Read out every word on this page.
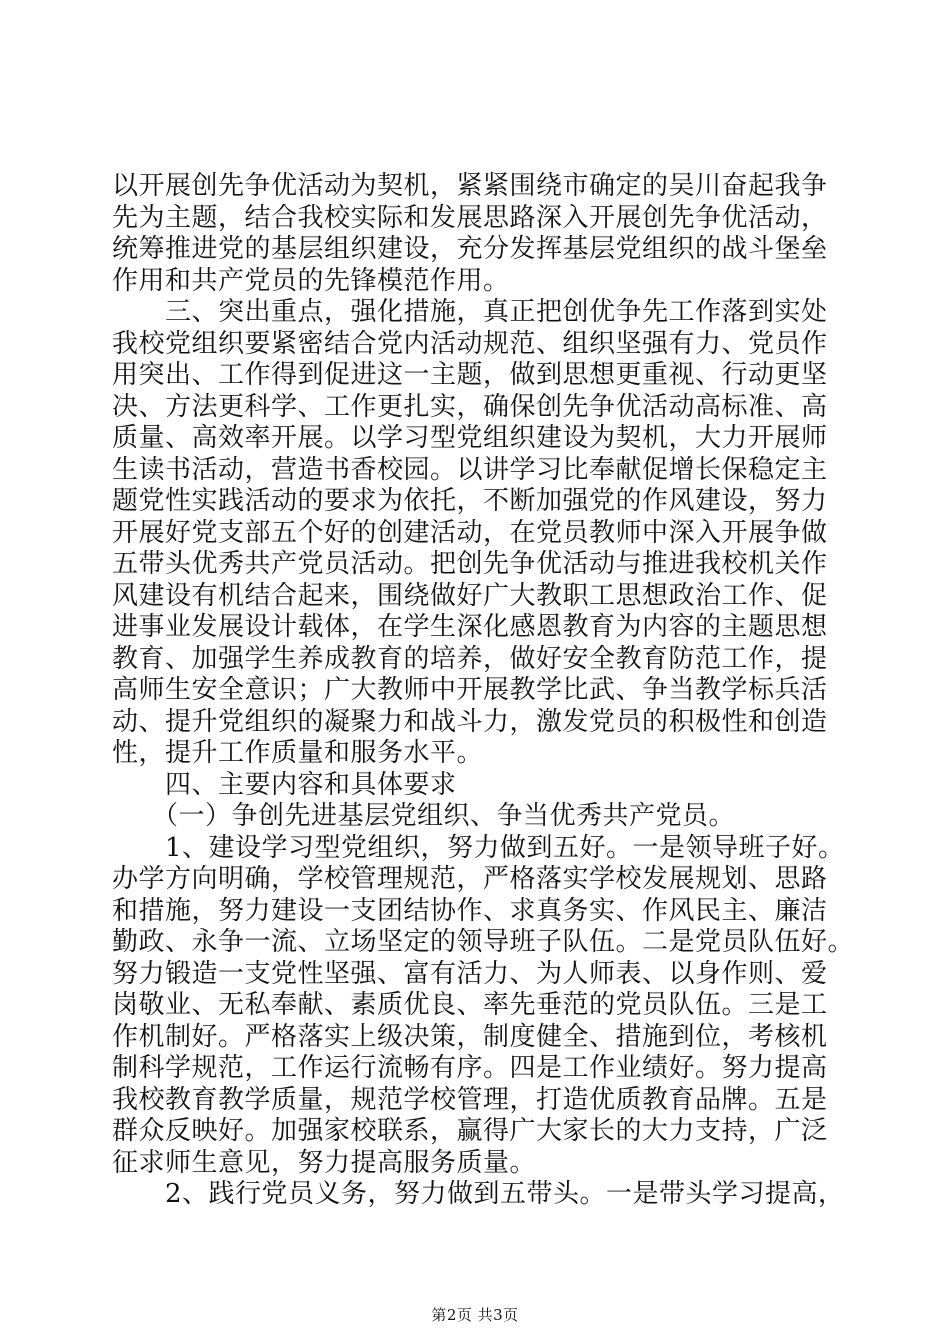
以开展创先争优活动为契机，紧紧围绕市确定的吴川奋起我争
先为主题，结合我校实际和发展思路深入开展创先争优活动，
统筹推进党的基层组织建设，充分发挥基层党组织的战斗堡垒
作用和共产党员的先锋模范作用。
　　三、突出重点，强化措施，真正把创优争先工作落到实处
我校党组织要紧密结合党内活动规范、组织坚强有力、党员作
用突出、工作得到促进这一主题，做到思想更重视、行动更坚
决、方法更科学、工作更扎实，确保创先争优活动高标准、高
质量、高效率开展。以学习型党组织建设为契机，大力开展师
生读书活动，营造书香校园。以讲学习比奉献促增长保稳定主
题党性实践活动的要求为依托，不断加强党的作风建设，努力
开展好党支部五个好的创建活动，在党员教师中深入开展争做
五带头优秀共产党员活动。把创先争优活动与推进我校机关作
风建设有机结合起来，围绕做好广大教职工思想政治工作、促
进事业发展设计载体，在学生深化感恩教育为内容的主题思想
教育、加强学生养成教育的培养，做好安全教育防范工作，提
高师生安全意识；广大教师中开展教学比武、争当教学标兵活
动、提升党组织的凝聚力和战斗力，激发党员的积极性和创造
性，提升工作质量和服务水平。
　　四、主要内容和具体要求
　　（一）争创先进基层党组织、争当优秀共产党员。
　　1、建设学习型党组织，努力做到五好。一是领导班子好。
办学方向明确，学校管理规范，严格落实学校发展规划、思路
和措施，努力建设一支团结协作、求真务实、作风民主、廉洁
勤政、永争一流、立场坚定的领导班子队伍。二是党员队伍好。
努力锻造一支党性坚强、富有活力、为人师表、以身作则、爱
岗敬业、无私奉献、素质优良、率先垂范的党员队伍。三是工
作机制好。严格落实上级决策，制度健全、措施到位，考核机
制科学规范，工作运行流畅有序。四是工作业绩好。努力提高
我校教育教学质量，规范学校管理，打造优质教育品牌。五是
群众反映好。加强家校联系，赢得广大家长的大力支持，广泛
征求师生意见，努力提高服务质量。
　　2、践行党员义务，努力做到五带头。一是带头学习提高，
第2页 共3页
